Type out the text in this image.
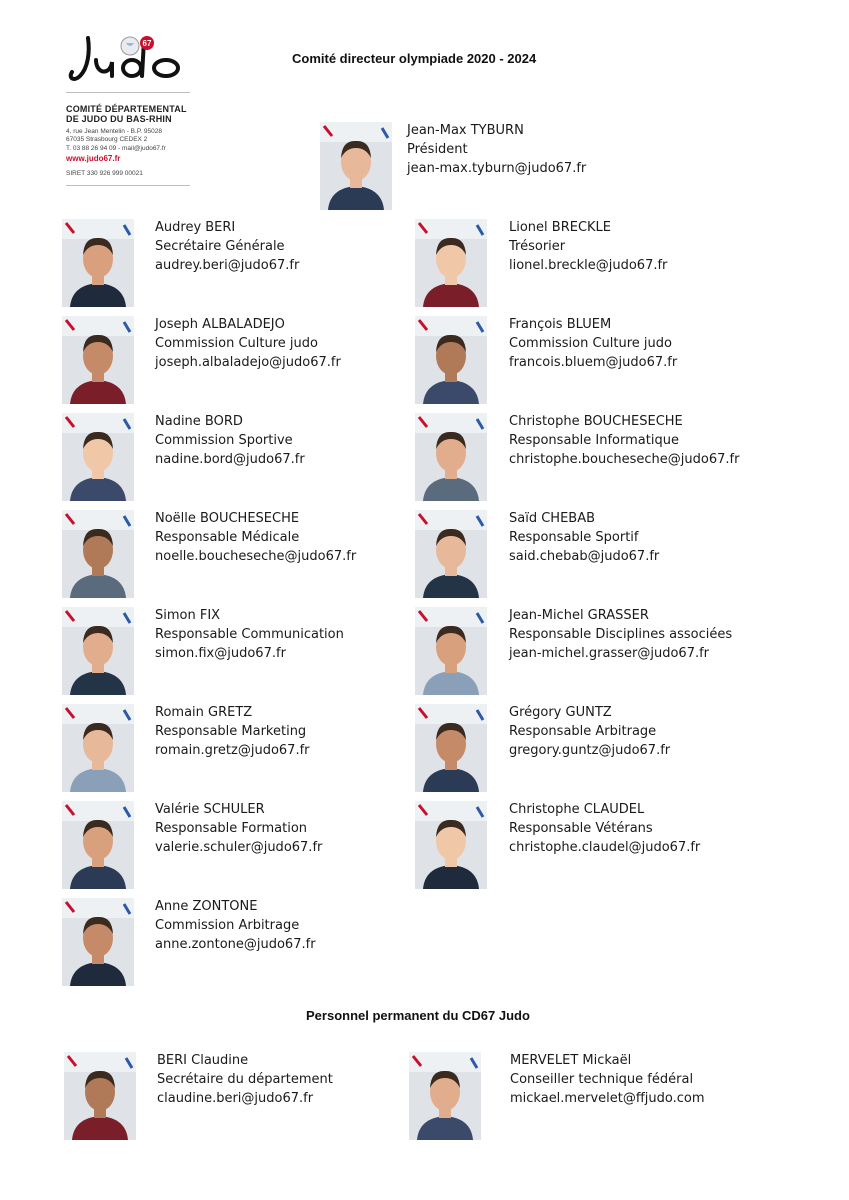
67
COMITÉ DÉPARTEMENTAL
DE JUDO DU BAS-RHIN
4, rue Jean Mentelin - B.P. 95028
67035 Strasbourg CEDEX 2
T. 03 88 26 94 09 - mail@judo67.fr
www.judo67.fr
SIRET 330 926 999 00021
Comité directeur olympiade 2020 - 2024
Jean-Max TYBURN
Président
jean-max.tyburn@judo67.fr
Audrey BERI
Secrétaire Générale
audrey.beri@judo67.fr
Joseph ALBALADEJO
Commission Culture judo
joseph.albaladejo@judo67.fr
Nadine BORD
Commission Sportive
nadine.bord@judo67.fr
Noëlle BOUCHESECHE
Responsable Médicale
noelle.boucheseche@judo67.fr
Simon FIX
Responsable Communication
simon.fix@judo67.fr
Romain GRETZ
Responsable Marketing
romain.gretz@judo67.fr
Valérie SCHULER
Responsable Formation
valerie.schuler@judo67.fr
Anne ZONTONE
Commission Arbitrage
anne.zontone@judo67.fr
Lionel BRECKLE
Trésorier
lionel.breckle@judo67.fr
François BLUEM
Commission Culture judo
francois.bluem@judo67.fr
Christophe BOUCHESECHE
Responsable Informatique
christophe.boucheseche@judo67.fr
Saïd CHEBAB
Responsable Sportif
said.chebab@judo67.fr
Jean-Michel GRASSER
Responsable Disciplines associées
jean-michel.grasser@judo67.fr
Grégory GUNTZ
Responsable Arbitrage
gregory.guntz@judo67.fr
Christophe CLAUDEL
Responsable Vétérans
christophe.claudel@judo67.fr
Personnel permanent du CD67 Judo
BERI Claudine
Secrétaire du département
claudine.beri@judo67.fr
MERVELET Mickaël
Conseiller technique fédéral
mickael.mervelet@ffjudo.com
